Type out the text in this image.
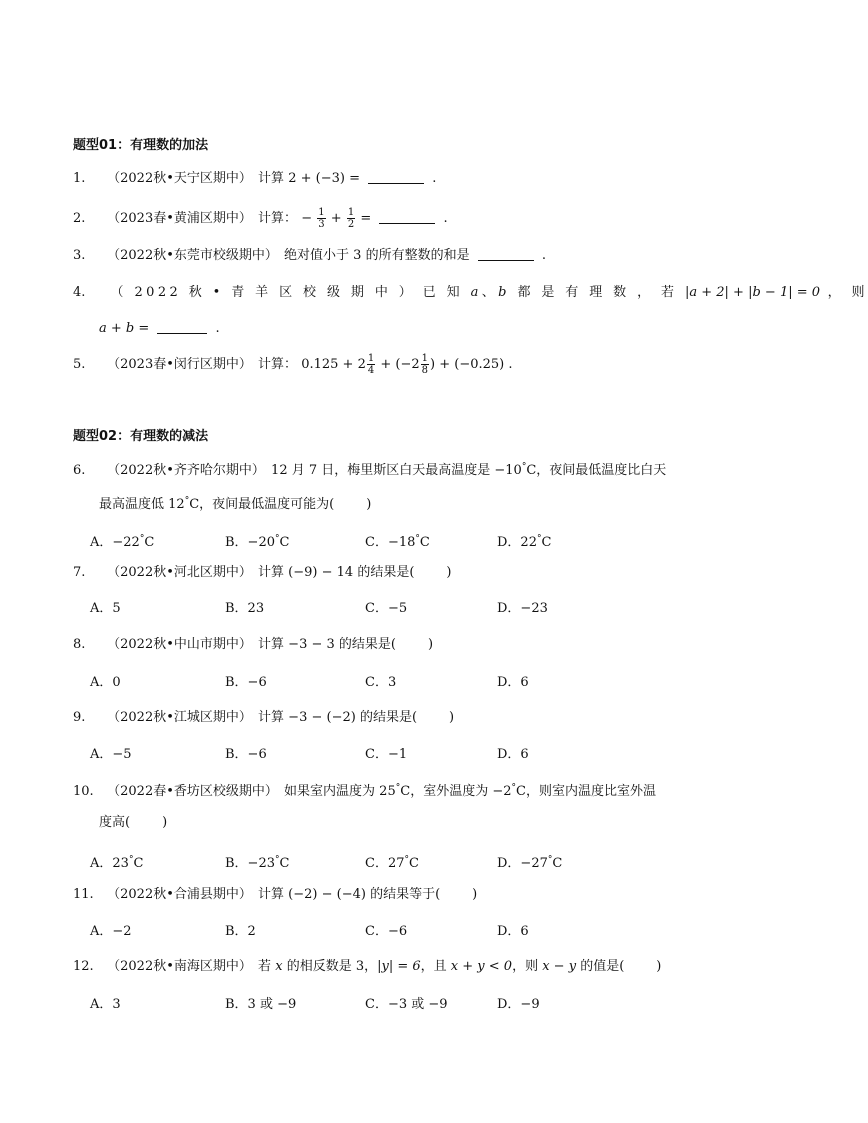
题型01：有理数的加法
1. （2022秋•天宁区期中） 计算 2 + (−3) =	.
2. （2023春•黄浦区期中） 计算： − $\frac{1}{3} + \frac{1}{2}$ =	.
3. （2022秋•东莞市校级期中） 绝对值小于 3 的所有整数的和是	.
4. （ 2022 秋 • 青 羊 区 校 级 期 中 ） 已 知 a、b 都 是 有 理 数 ， 若 |a + 2| + |b − 1| = 0 ， 则
a + b =	.
5. （2023春•闵行区期中） 计算： $0.125 + 2 \frac{1}{4} + (-2 \frac{1}{8}$ ) + (−0.25) .
题型02：有理数的减法
6. （2022秋•齐齐哈尔期中） 12 月 7 日，梅里斯区白天最高温度是 −10°C，夜间最低温度比白天
最高温度低 12°C，夜间最低温度可能为( )
A．−22°C	B．−20°C	C．−18°C	D．22°C
7. （2022秋•河北区期中） 计算 (−9) − 14 的结果是( )
A．5	B．23	C．−5	D．−23
8. （2022秋•中山市期中） 计算 −3 − 3 的结果是( )
A．0	B．−6	C．3	D．6
9. （2022秋•江城区期中） 计算 −3 − (−2) 的结果是( )
A．−5	B．−6	C．−1	D．6
10. （2022春•香坊区校级期中） 如果室内温度为 25°C，室外温度为 −2°C，则室内温度比室外温
度高( )
A．23°C	B．−23°C	C．27°C	D．−27°C
11. （2022秋•合浦县期中） 计算 (−2) − (−4) 的结果等于( )
A．−2	B．2	C．−6	D．6
12. （2022秋•南海区期中） 若 x 的相反数是 3，|y| = 6，且 x + y < 0，则 x − y 的值是( )
A．3	B．3 或 −9	C．−3 或 −9	D．−9
